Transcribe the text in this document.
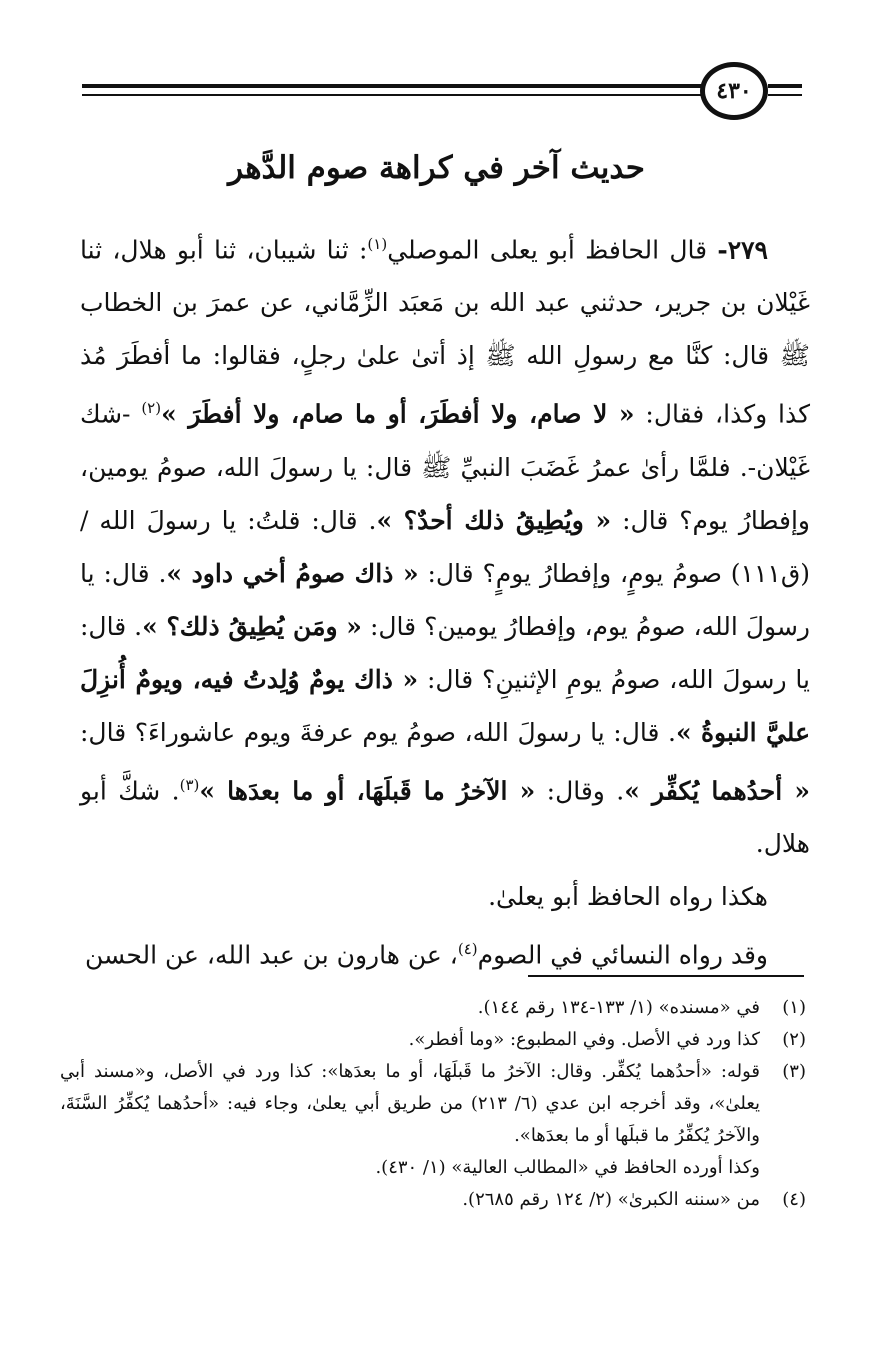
٤٣٠
حديث آخر في كراهة صوم الدَّهر

٢٧٩- قال الحافظ أبو يعلى الموصلي$^{(١)}$: ثنا شيبان، ثنا أبو هلال، ثنا غَيْلان بن جرير، حدثني عبد الله بن مَعبَد الزِّمَّاني، عن عمرَ بن الخطاب ﷺ قال: كنَّا مع رسولِ الله ﷺ إذ أتىٰ علىٰ رجلٍ، فقالوا: ما أفطَرَ مُذ كذا وكذا، فقال: « لا صام، ولا أفطَرَ، أو ما صام، ولا أفطَرَ »$^{(٢)}$ -شك غَيْلان-. فلمَّا رأىٰ عمرُ غَضَبَ النبيِّ ﷺ قال: يا رسولَ الله، صومُ يومين، وإفطارُ يوم؟ قال: « ويُطِيقُ ذلك أحدٌ؟ ». قال: قلتُ: يا رسولَ الله / (ق١١١) صومُ يومٍ، وإفطارُ يومٍ؟ قال: « ذاك صومُ أخي داود ». قال: يا رسولَ الله، صومُ يوم، وإفطارُ يومين؟ قال: « ومَن يُطِيقُ ذلك؟ ». قال: يا رسولَ الله، صومُ يومِ الإثنينِ؟ قال: « ذاك يومٌ وُلِدتُ فيه، ويومٌ أُنزِلَ عليَّ النبوةُ ». قال: يا رسولَ الله، صومُ يوم عرفةَ ويوم عاشوراءَ؟ قال: « أحدُهما يُكفِّر ». وقال: « الآخرُ ما قَبلَهَا، أو ما بعدَها »$^{(٣)}$. شكَّ أبو هلال.

هكذا رواه الحافظ أبو يعلىٰ.

وقد رواه النسائي في الصوم$^{(٤)}$، عن هارون بن عبد الله، عن الحسن

(١)

في «مسنده» (١/ ١٣٣-١٣٤ رقم ١٤٤).

(٢)

كذا ورد في الأصل. وفي المطبوع: «وما أفطر».

(٣)

قوله: «أحدُهما يُكفِّر. وقال: الآخرُ ما قَبلَهَا، أو ما بعدَها»: كذا ورد في الأصل، و«مسند أبي يعلىٰ»، وقد أخرجه ابن عدي (٦/ ٢١٣) من طريق أبي يعلىٰ، وجاء فيه: «أحدُهما يُكفِّرُ السَّنَةَ، والآخرُ يُكفِّرُ ما قبلَها أو ما بعدَها».

وكذا أورده الحافظ في «المطالب العالية» (١/ ٤٣٠).

(٤)

من «سننه الكبرىٰ» (٢/ ١٢٤ رقم ٢٦٨٥).
